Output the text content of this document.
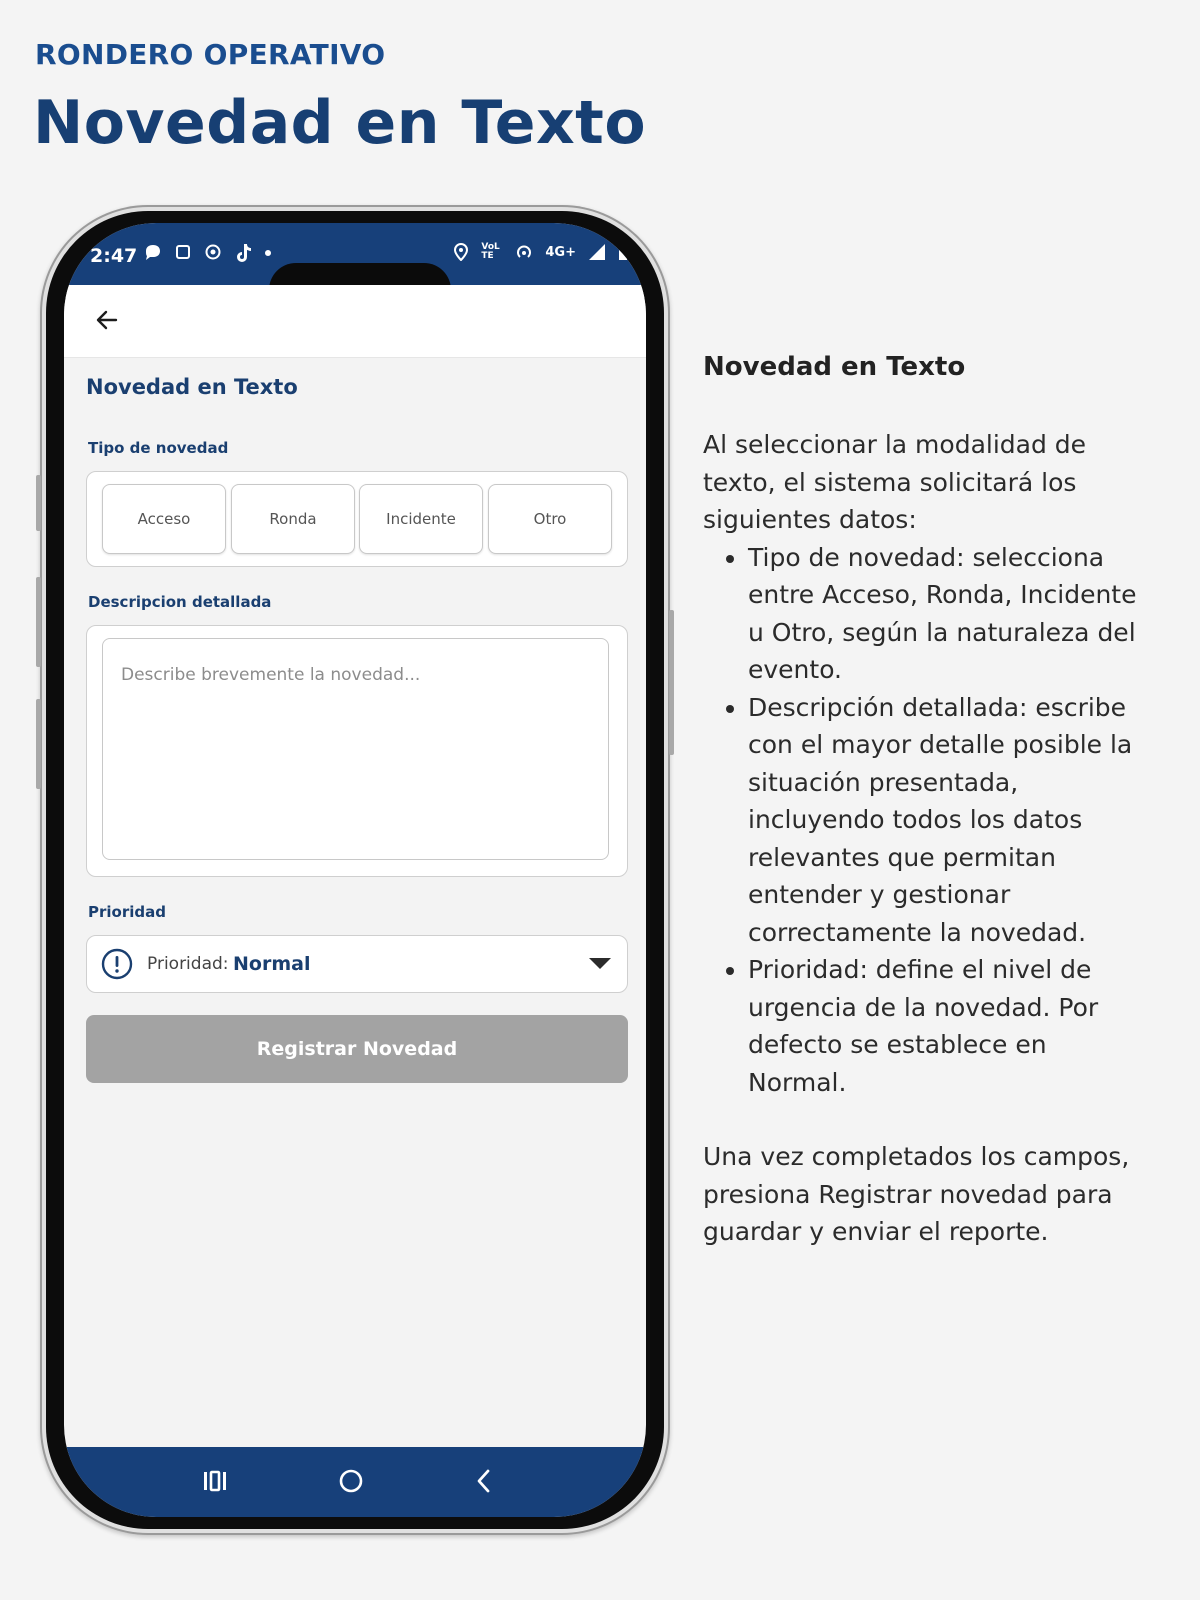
RONDERO OPERATIVO
Novedad en Texto
2:47	VoLTE	4G+
Novedad en Texto
Tipo de novedad
Acceso	Ronda	Incidente	Otro
Descripcion detallada
Describe brevemente la novedad...
Prioridad
Prioridad: Normal
Registrar Novedad
Novedad en Texto

Al seleccionar la modalidad de texto, el sistema solicitará los siguientes datos:

• Tipo de novedad: selecciona entre Acceso, Ronda, Incidente u Otro, según la naturaleza del evento.
• Descripción detallada: escribe con el mayor detalle posible la situación presentada, incluyendo todos los datos relevantes que permitan entender y gestionar correctamente la novedad.
• Prioridad: define el nivel de urgencia de la novedad. Por defecto se establece en Normal.

Una vez completados los campos, presiona Registrar novedad para guardar y enviar el reporte.
